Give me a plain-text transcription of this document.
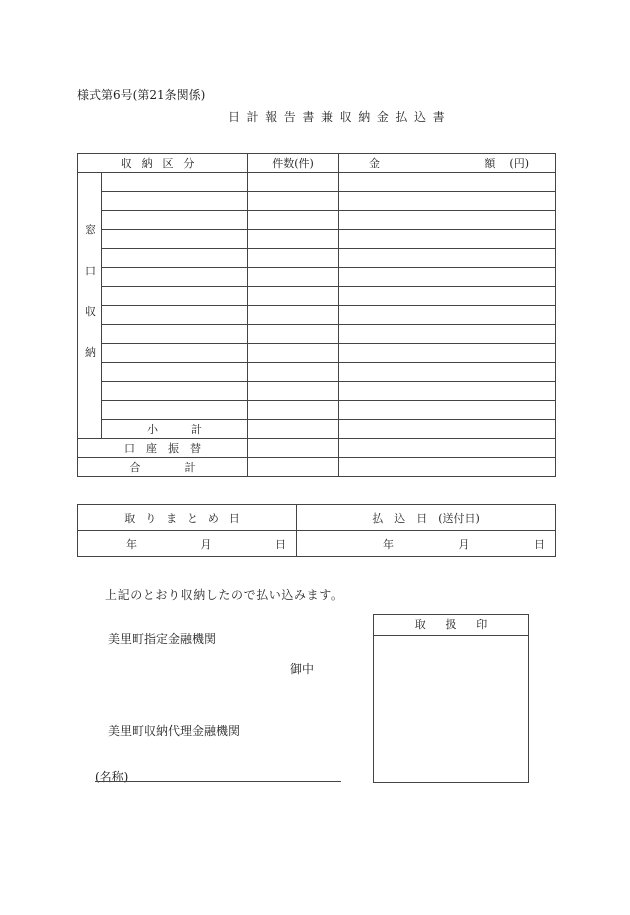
様式第6号(第21条関係)
日計報告書兼収納金払込書
収納区分		件数(件)	金 額 (円)

窓口収納			

	小　　　計		
口　座　振　替			
合　　　　計			
取りまとめ日	払　込　日　 (送付日)

年 月 日	年 月 日
上記のとおり収納したので払い込みます。
美里町指定金融機関
御中
美里町収納代理金融機関
(名称)
取扱印
